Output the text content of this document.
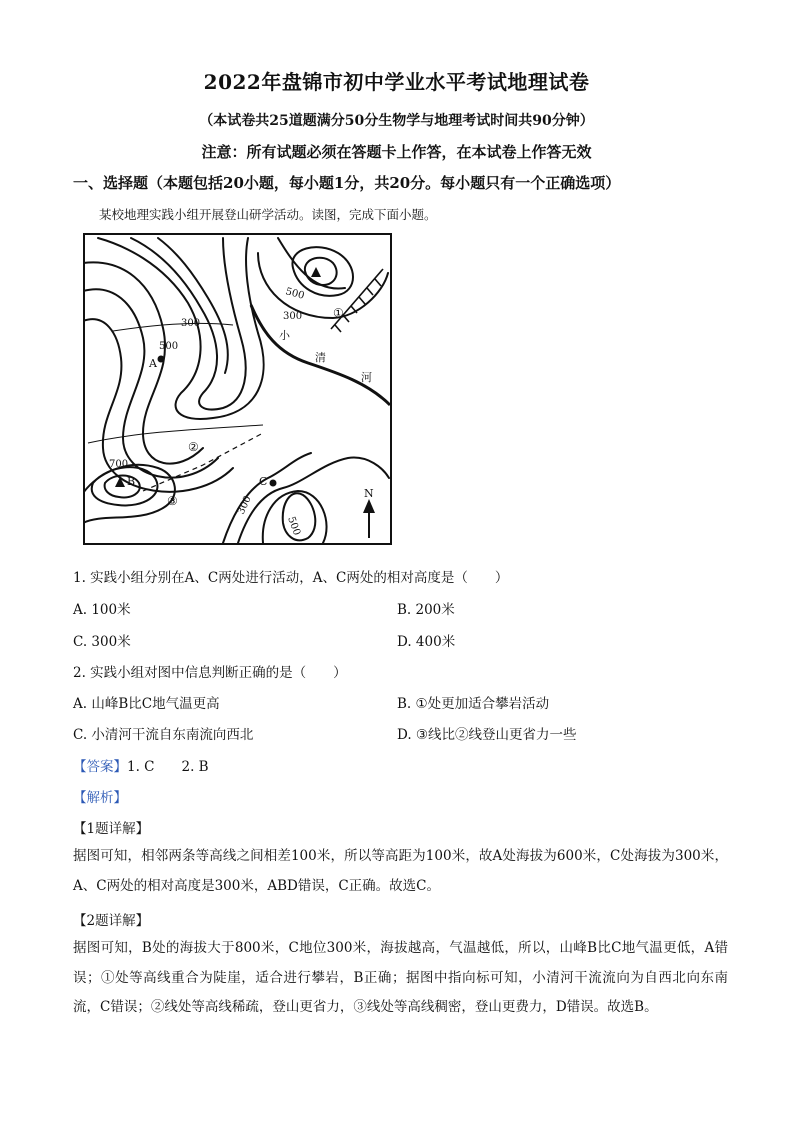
2022年盘锦市初中学业水平考试地理试卷
（本试卷共25道题满分50分生物学与地理考试时间共90分钟）
注意：所有试题必须在答题卡上作答，在本试卷上作答无效
一、选择题（本题包括20小题，每小题1分，共20分。每小题只有一个正确选项）
某校地理实践小组开展登山研学活动。读图，完成下面小题。
500
300
300
500
700
300
500
A
B	C
①
②
③
小
清
河
N
1. 实践小组分别在A、C两处进行活动，A、C两处的相对高度是（　　）
A. 100米	B. 200米
C. 300米	D. 400米
2. 实践小组对图中信息判断正确的是（　　）
A. 山峰B比C地气温更高	B. ①处更加适合攀岩活动
C. 小清河干流自东南流向西北	D. ③线比②线登山更省力一些
【答案】1. C　　2. B
【解析】
【1题详解】
据图可知，相邻两条等高线之间相差100米，所以等高距为100米，故A处海拔为600米，C处海拔为300米，A、C两处的相对高度是300米，ABD错误，C正确。故选C。
【2题详解】
据图可知，B处的海拔大于800米，C地位300米，海拔越高，气温越低，所以，山峰B比C地气温更低，A错误；①处等高线重合为陡崖，适合进行攀岩，B正确；据图中指向标可知，小清河干流流向为自西北向东南流，C错误；②线处等高线稀疏，登山更省力，③线处等高线稠密，登山更费力，D错误。故选B。
